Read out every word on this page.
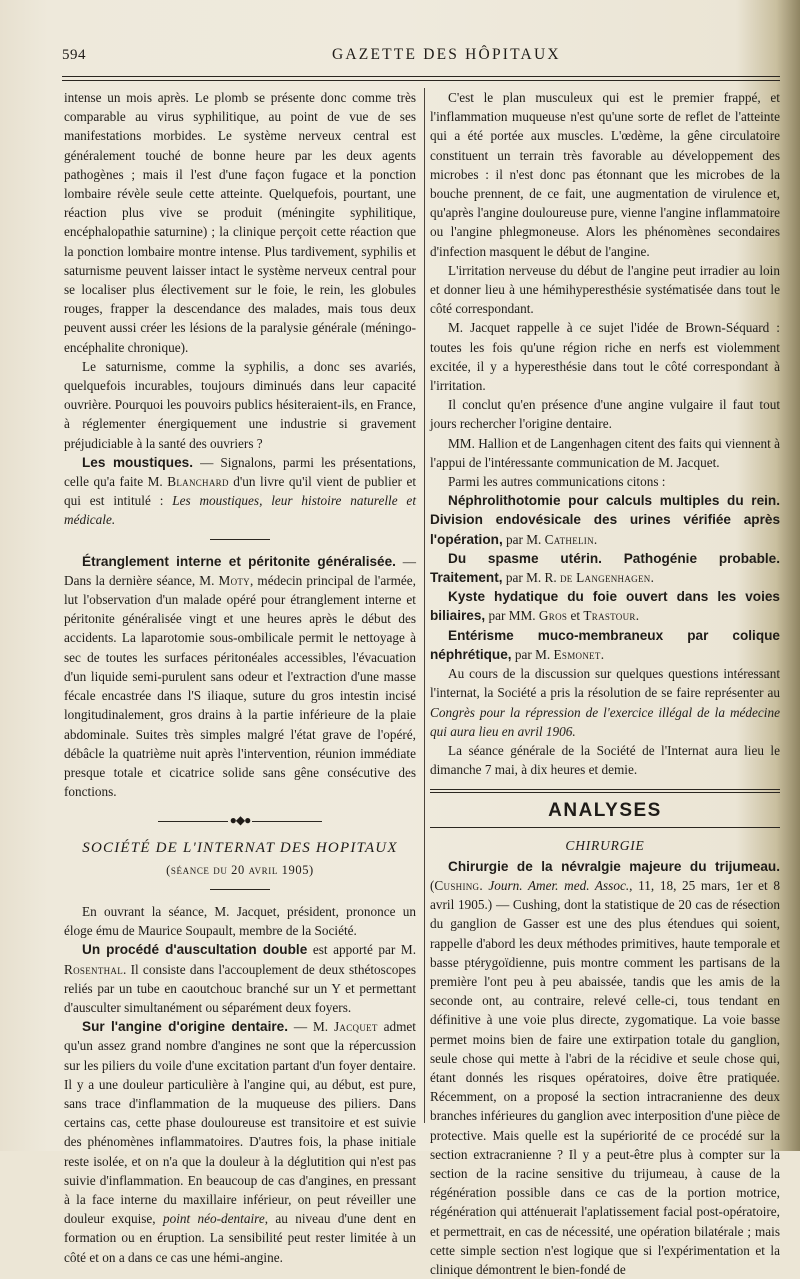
594	GAZETTE DES HÔPITAUX

intense un mois après. Le plomb se présente donc comme très comparable au virus syphilitique, au point de vue de ses manifestations morbides. Le système nerveux central est généralement touché de bonne heure par les deux agents pathogènes ; mais il l'est d'une façon fugace et la ponction lombaire révèle seule cette atteinte. Quelquefois, pourtant, une réaction plus vive se produit (méningite syphilitique, encéphalopathie saturnine) ; la clinique perçoit cette réaction que la ponction lombaire montre intense. Plus tardivement, syphilis et saturnisme peuvent laisser intact le système nerveux central pour se localiser plus électivement sur le foie, le rein, les globules rouges, frapper la descendance des malades, mais tous deux peuvent aussi créer les lésions de la paralysie générale (méningo-encéphalite chronique).

Le saturnisme, comme la syphilis, a donc ses avariés, quelquefois incurables, toujours diminués dans leur capacité ouvrière. Pourquoi les pouvoirs publics hésiteraient-ils, en France, à réglementer énergiquement une industrie si gravement préjudiciable à la santé des ouvriers ?

Les moustiques. — Signalons, parmi les présentations, celle qu'a faite M. Blanchard d'un livre qu'il vient de publier et qui est intitulé : Les moustiques, leur histoire naturelle et médicale.

Étranglement interne et péritonite généralisée. — Dans la dernière séance, M. Moty, médecin principal de l'armée, lut l'observation d'un malade opéré pour étranglement interne et péritonite généralisée vingt et une heures après le début des accidents. La laparotomie sous-ombilicale permit le nettoyage à sec de toutes les surfaces péritonéales accessibles, l'évacuation d'un liquide semi-purulent sans odeur et l'extraction d'une masse fécale encastrée dans l'S iliaque, suture du gros intestin incisé longitudinalement, gros drains à la partie inférieure de la plaie abdominale. Suites très simples malgré l'état grave de l'opéré, débâcle la quatrième nuit après l'intervention, réunion immédiate presque totale et cicatrice solide sans gêne consécutive des fonctions.

●◆●
SOCIÉTÉ DE L'INTERNAT DES HOPITAUX
(séance du 20 avril 1905)

En ouvrant la séance, M. Jacquet, président, prononce un éloge ému de Maurice Soupault, membre de la Société.

Un procédé d'auscultation double est apporté par M. Rosenthal. Il consiste dans l'accouplement de deux sthétoscopes reliés par un tube en caoutchouc branché sur un Y et permettant d'ausculter simultanément ou séparément deux foyers.

Sur l'angine d'origine dentaire. — M. Jacquet admet qu'un assez grand nombre d'angines ne sont que la répercussion sur les piliers du voile d'une excitation partant d'un foyer dentaire. Il y a une douleur particulière à l'angine qui, au début, est pure, sans trace d'inflammation de la muqueuse des piliers. Dans certains cas, cette phase douloureuse est transitoire et est suivie des phénomènes inflammatoires. D'autres fois, la phase initiale reste isolée, et on n'a que la douleur à la déglutition qui n'est pas suivie d'inflammation. En beaucoup de cas d'angines, en pressant à la face interne du maxillaire inférieur, on peut réveiller une douleur exquise, point néo-dentaire, au niveau d'une dent en formation ou en éruption. La sensibilité peut rester limitée à un côté et on a dans ce cas une hémi-angine.

C'est le plan musculeux qui est le premier frappé, et l'inflammation muqueuse n'est qu'une sorte de reflet de l'atteinte qui a été portée aux muscles. L'œdème, la gêne circulatoire constituent un terrain très favorable au développement des microbes : il n'est donc pas étonnant que les microbes de la bouche prennent, de ce fait, une augmentation de virulence et, qu'après l'angine douloureuse pure, vienne l'angine inflammatoire ou l'angine phlegmoneuse. Alors les phénomènes secondaires d'infection masquent le début de l'angine.

L'irritation nerveuse du début de l'angine peut irradier au loin et donner lieu à une hémihyperesthésie systématisée dans tout le côté correspondant.

M. Jacquet rappelle à ce sujet l'idée de Brown-Séquard : toutes les fois qu'une région riche en nerfs est violemment excitée, il y a hyperesthésie dans tout le côté correspondant à l'irritation.

Il conclut qu'en présence d'une angine vulgaire il faut tout jours rechercher l'origine dentaire.

MM. Hallion et de Langenhagen citent des faits qui viennent à l'appui de l'intéressante communication de M. Jacquet.

Parmi les autres communications citons :

Néphrolithotomie pour calculs multiples du rein. Division endovésicale des urines vérifiée après l'opération, par M. Cathelin.

Du spasme utérin. Pathogénie probable. Traitement, par M. R. de Langenhagen.

Kyste hydatique du foie ouvert dans les voies biliaires, par MM. Gros et Trastour.

Entérisme muco-membraneux par colique néphrétique, par M. Esmonet.

Au cours de la discussion sur quelques questions intéressant l'internat, la Société a pris la résolution de se faire représenter au Congrès pour la répression de l'exercice illégal de la médecine qui aura lieu en avril 1906.

La séance générale de la Société de l'Internat aura lieu le dimanche 7 mai, à dix heures et demie.

ANALYSES
CHIRURGIE

Chirurgie de la névralgie majeure du trijumeau. (Cushing. Journ. Amer. med. Assoc., 11, 18, 25 mars, 1er et 8 avril 1905.) — Cushing, dont la statistique de 20 cas de résection du ganglion de Gasser est une des plus étendues qui soient, rappelle d'abord les deux méthodes primitives, haute temporale et basse ptérygoïdienne, puis montre comment les partisans de la première l'ont peu à peu abaissée, tandis que les amis de la seconde ont, au contraire, relevé celle-ci, tous tendant en définitive à une voie plus directe, zygomatique. La voie basse permet moins bien de faire une extirpation totale du ganglion, seule chose qui mette à l'abri de la récidive et seule chose qui, étant donnés les risques opératoires, doive être pratiquée. Récemment, on a proposé la section intracranienne des deux branches inférieures du ganglion avec interposition d'une pièce de protective. Mais quelle est la supériorité de ce procédé sur la section extracranienne ? Il y a peut-être plus à compter sur la section de la racine sensitive du trijumeau, à cause de la régénération possible dans ce cas de la portion motrice, régénération qui atténuerait l'aplatissement facial post-opératoire, et permettrait, en cas de nécessité, une opération bilatérale ; mais cette simple section n'est logique que si l'expérimentation et la clinique démontrent le bien-fondé de
